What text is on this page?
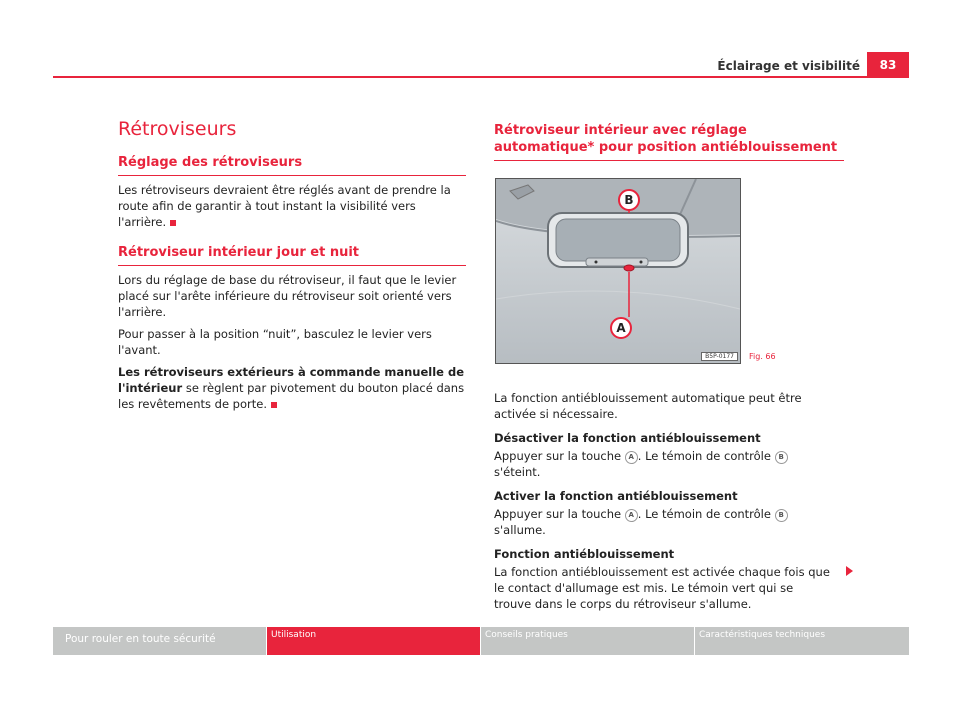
Éclairage et visibilité	83
Rétroviseurs
Réglage des rétroviseurs

Les rétroviseurs devraient être réglés avant de prendre la route afin de garantir à tout instant la visibilité vers l'arrière.

Rétroviseur intérieur jour et nuit

Lors du réglage de base du rétroviseur, il faut que le levier placé sur l'arête inférieure du rétroviseur soit orienté vers l'arrière.

Pour passer à la position “nuit”, basculez le levier vers l'avant.

Les rétroviseurs extérieurs à commande manuelle de l'intérieur se règlent par pivotement du bouton placé dans les revêtements de porte.

Rétroviseur intérieur avec réglage automatique* pour position antiéblouissement
B
A
B5P-0177	Fig. 66

La fonction antiéblouissement automatique peut être activée si nécessaire.

Désactiver la fonction antiéblouissement

Appuyer sur la touche A . Le témoin de contrôle B s'éteint.

Activer la fonction antiéblouissement

Appuyer sur la touche A . Le témoin de contrôle B s'allume.

Fonction antiéblouissement

La fonction antiéblouissement est activée chaque fois que le contact d'allumage est mis. Le témoin vert qui se trouve dans le corps du rétroviseur s'allume.

Pour rouler en toute sécurité	Utilisation	Conseils pratiques	Caractéristiques techniques
